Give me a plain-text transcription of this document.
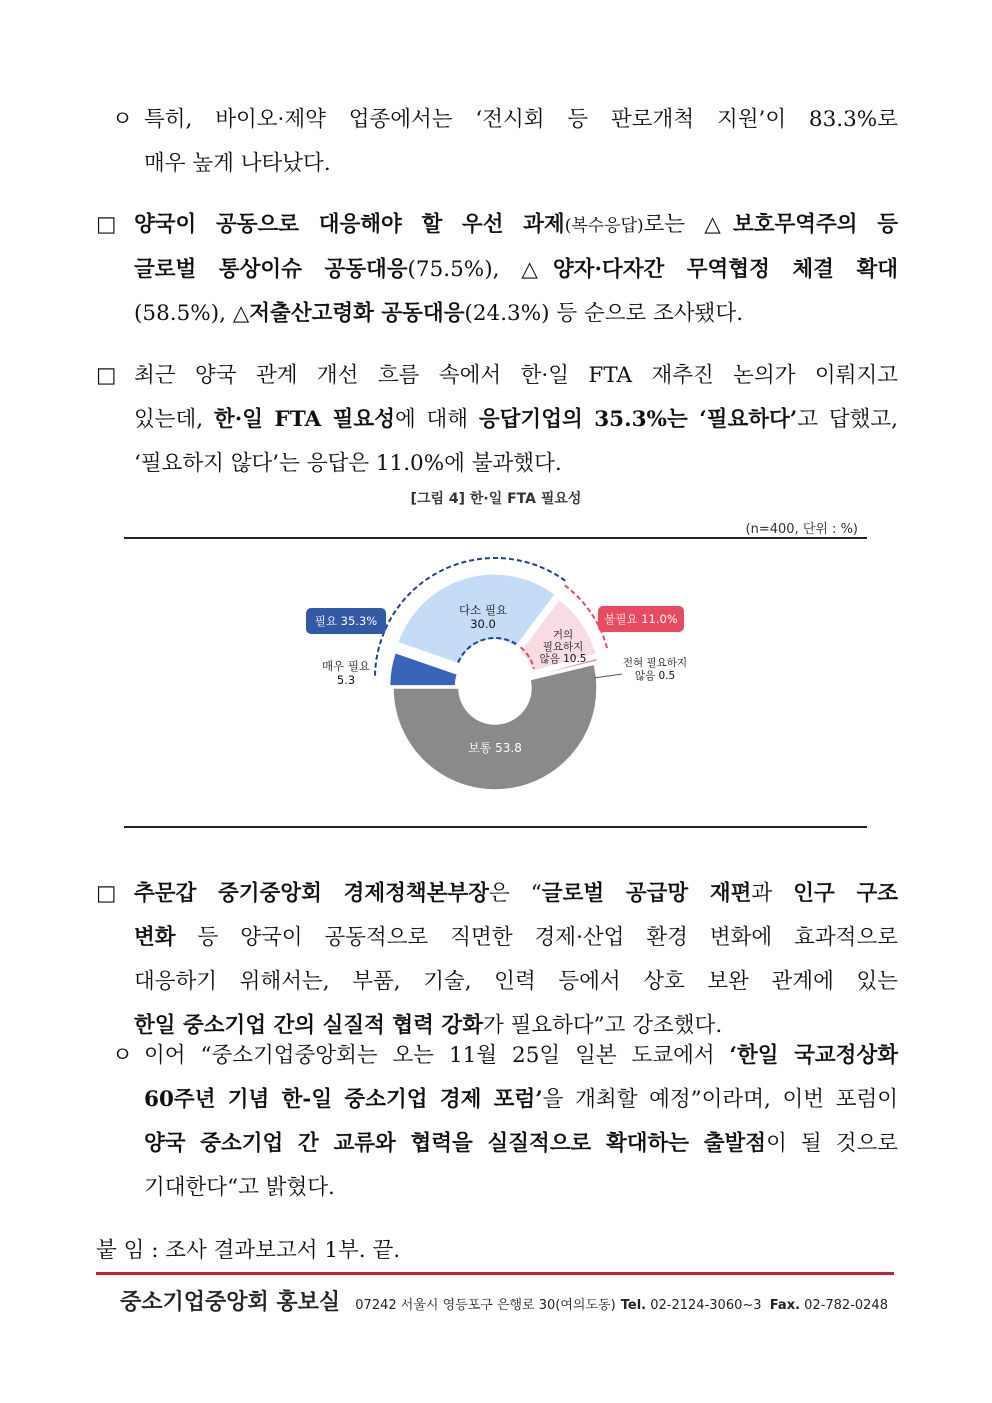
ㅇ 특히, 바이오·제약 업종에서는 ‘전시회 등 판로개척 지원’이 83.3%로
매우 높게 나타났다.
□ 양국이 공동으로 대응해야 할 우선 과제(복수응답)로는 △보호무역주의 등
글로벌 통상이슈 공동대응(75.5%), △양자·다자간 무역협정 체결 확대
(58.5%), △저출산고령화 공동대응(24.3%) 등 순으로 조사됐다.
□ 최근 양국 관계 개선 흐름 속에서 한·일 FTA 재추진 논의가 이뤄지고
있는데, 한·일 FTA 필요성에 대해 응답기업의 35.3%는 ‘필요하다’고 답했고,
‘필요하지 않다’는 응답은 11.0%에 불과했다.
[그림 4] 한·일 FTA 필요성
(n=400, 단위 : %)
다소 필요
30.0
매우 필요
5.3
거의
필요하지
않음 10.5	전혀 필요하지
않음 0.5
보통 53.8
필요 35.3%	불필요 11.0%
□ 추문갑 중기중앙회 경제정책본부장은 “글로벌 공급망 재편과 인구 구조
변화 등 양국이 공동적으로 직면한 경제·산업 환경 변화에 효과적으로
대응하기 위해서는, 부품, 기술, 인력 등에서 상호 보완 관계에 있는
한일 중소기업 간의 실질적 협력 강화가 필요하다”고 강조했다.
ㅇ 이어 “중소기업중앙회는 오는 11월 25일 일본 도쿄에서 ‘한일 국교정상화
60주년 기념 한-일 중소기업 경제 포럼’을 개최할 예정”이라며, 이번 포럼이
양국 중소기업 간 교류와 협력을 실질적으로 확대하는 출발점이 될 것으로
기대한다“고 밝혔다.
붙 임 : 조사 결과보고서 1부. 끝.
중소기업중앙회 홍보실 07242 서울시 영등포구 은행로 30(여의도동) Tel. 02-2124-3060~3 Fax. 02-782-0248
